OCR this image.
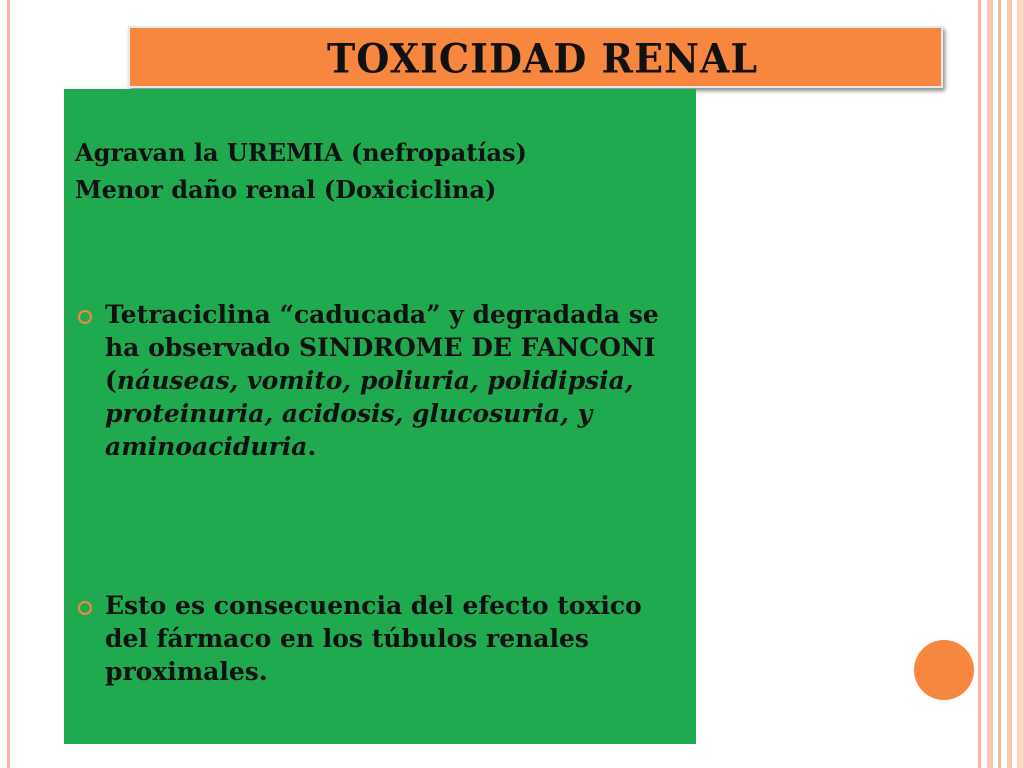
TOXICIDAD RENAL
Agravan la UREMIA (nefropatías)
Menor daño renal (Doxiciclina)
Tetraciclina “caducada” y degradada se ha observado SINDROME DE FANCONI (náuseas, vomito, poliuria, polidipsia, proteinuria, acidosis, glucosuria, y aminoaciduria.
Esto es consecuencia del efecto toxico del fármaco en los túbulos renales proximales.
